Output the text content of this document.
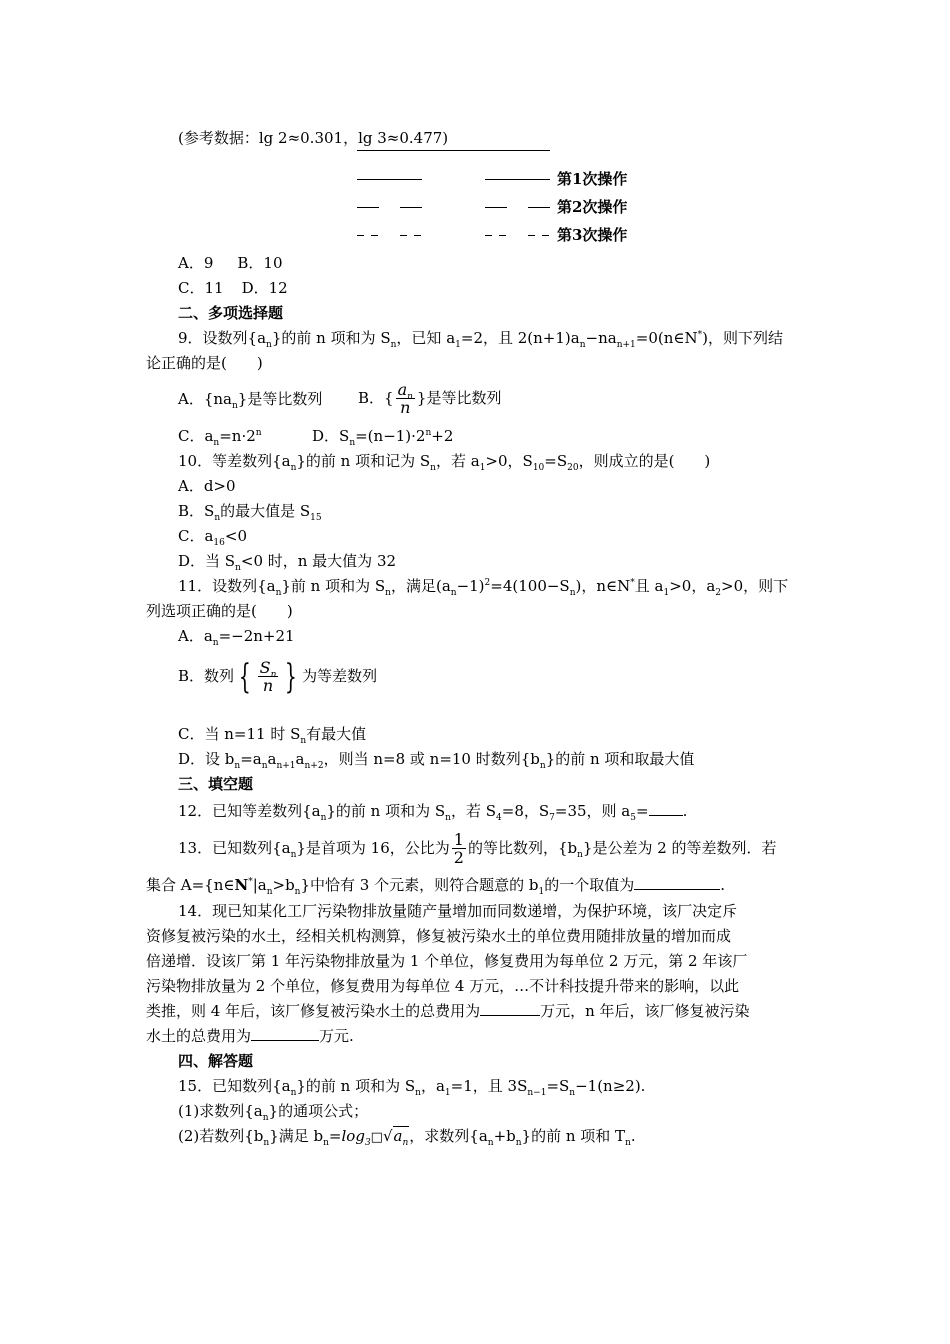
(参考数据：lg 2≈0.301，lg 3≈0.477)
第1次操作
第2次操作
第3次操作
A．9 B．10
C．11 D．12
二、多项选择题
9．设数列$\{a_n\}$的前 n 项和为 $S_n$，已知 $a_1=2$，且 $2(n+1)a_n-na_{n+1}=0(n\in N^*)$，则下列结
论正确的是(　　)
A．$\{na_n\}$是等比数列 B．{ $\frac{a_n}{n}$ }是等比数列
C．$a_n=n\cdot 2^n$	D．$S_n=(n-1)\cdot 2^n+2$
10．等差数列$\{a_n\}$的前 n 项和记为 $S_n$，若 $a_1>0$，$S_{10}=S_{20}$，则成立的是(　　)
A．d>0
B．$S_n$的最大值是 $S_{15}$
C．$a_{16}<0$
D．当 $S_n<0$ 时，n 最大值为 32
11．设数列$\{a_n\}$前 n 项和为 $S_n$，满足$(a_n-1)^2=4(100-S_n)$，n∈N*且 $a_1>0$，$a_2>0$，则下
列选项正确的是(　　)
A．$a_n=-2n+21$
B．数列 { $\frac{S_n}{n}$ } 为等差数列
C．当 n=11 时 $S_n$有最大值
D．设 $b_n=a_na_{n+1}a_{n+2}$，则当 n=8 或 n=10 时数列$\{b_n\}$的前 n 项和取最大值
三、填空题
12．已知等差数列$\{a_n\}$的前 n 项和为 $S_n$，若 $S_4=8$，$S_7=35$，则 $a_5=$ .
13．已知数列$\{a_n\}$是首项为 16，公比为 $\frac{1}{2}$ 的等比数列，$\{b_n\}$是公差为 2 的等差数列．若
集合 $A=\{n\in N^*|a_n>b_n\}$中恰有 3 个元素，则符合题意的 $b_1$的一个取值为	.
14．现已知某化工厂污染物排放量随产量增加而同数递增，为保护环境，该厂决定斥
资修复被污染的水土，经相关机构测算，修复被污染水土的单位费用随排放量的增加而成
倍递增．设该厂第 1 年污染物排放量为 1 个单位，修复费用为每单位 2 万元，第 2 年该厂
污染物排放量为 2 个单位，修复费用为每单位 4 万元，…不计科技提升带来的影响，以此
类推，则 4 年后，该厂修复被污染水土的总费用为	万元，n 年后，该厂修复被污染
水土的总费用为	万元.
四、解答题
15．已知数列$\{a_n\}$的前 n 项和为 $S_n$，$a_1=1$，且 $3S_{n-1}=S_n-1(n\ge 2)$.
(1)求数列$\{a_n\}$的通项公式；
(2)若数列$\{b_n\}$满足 $b_n=\log_3□√a_n$，求数列$\{a_n+b_n\}$的前 n 项和 $T_n$.
